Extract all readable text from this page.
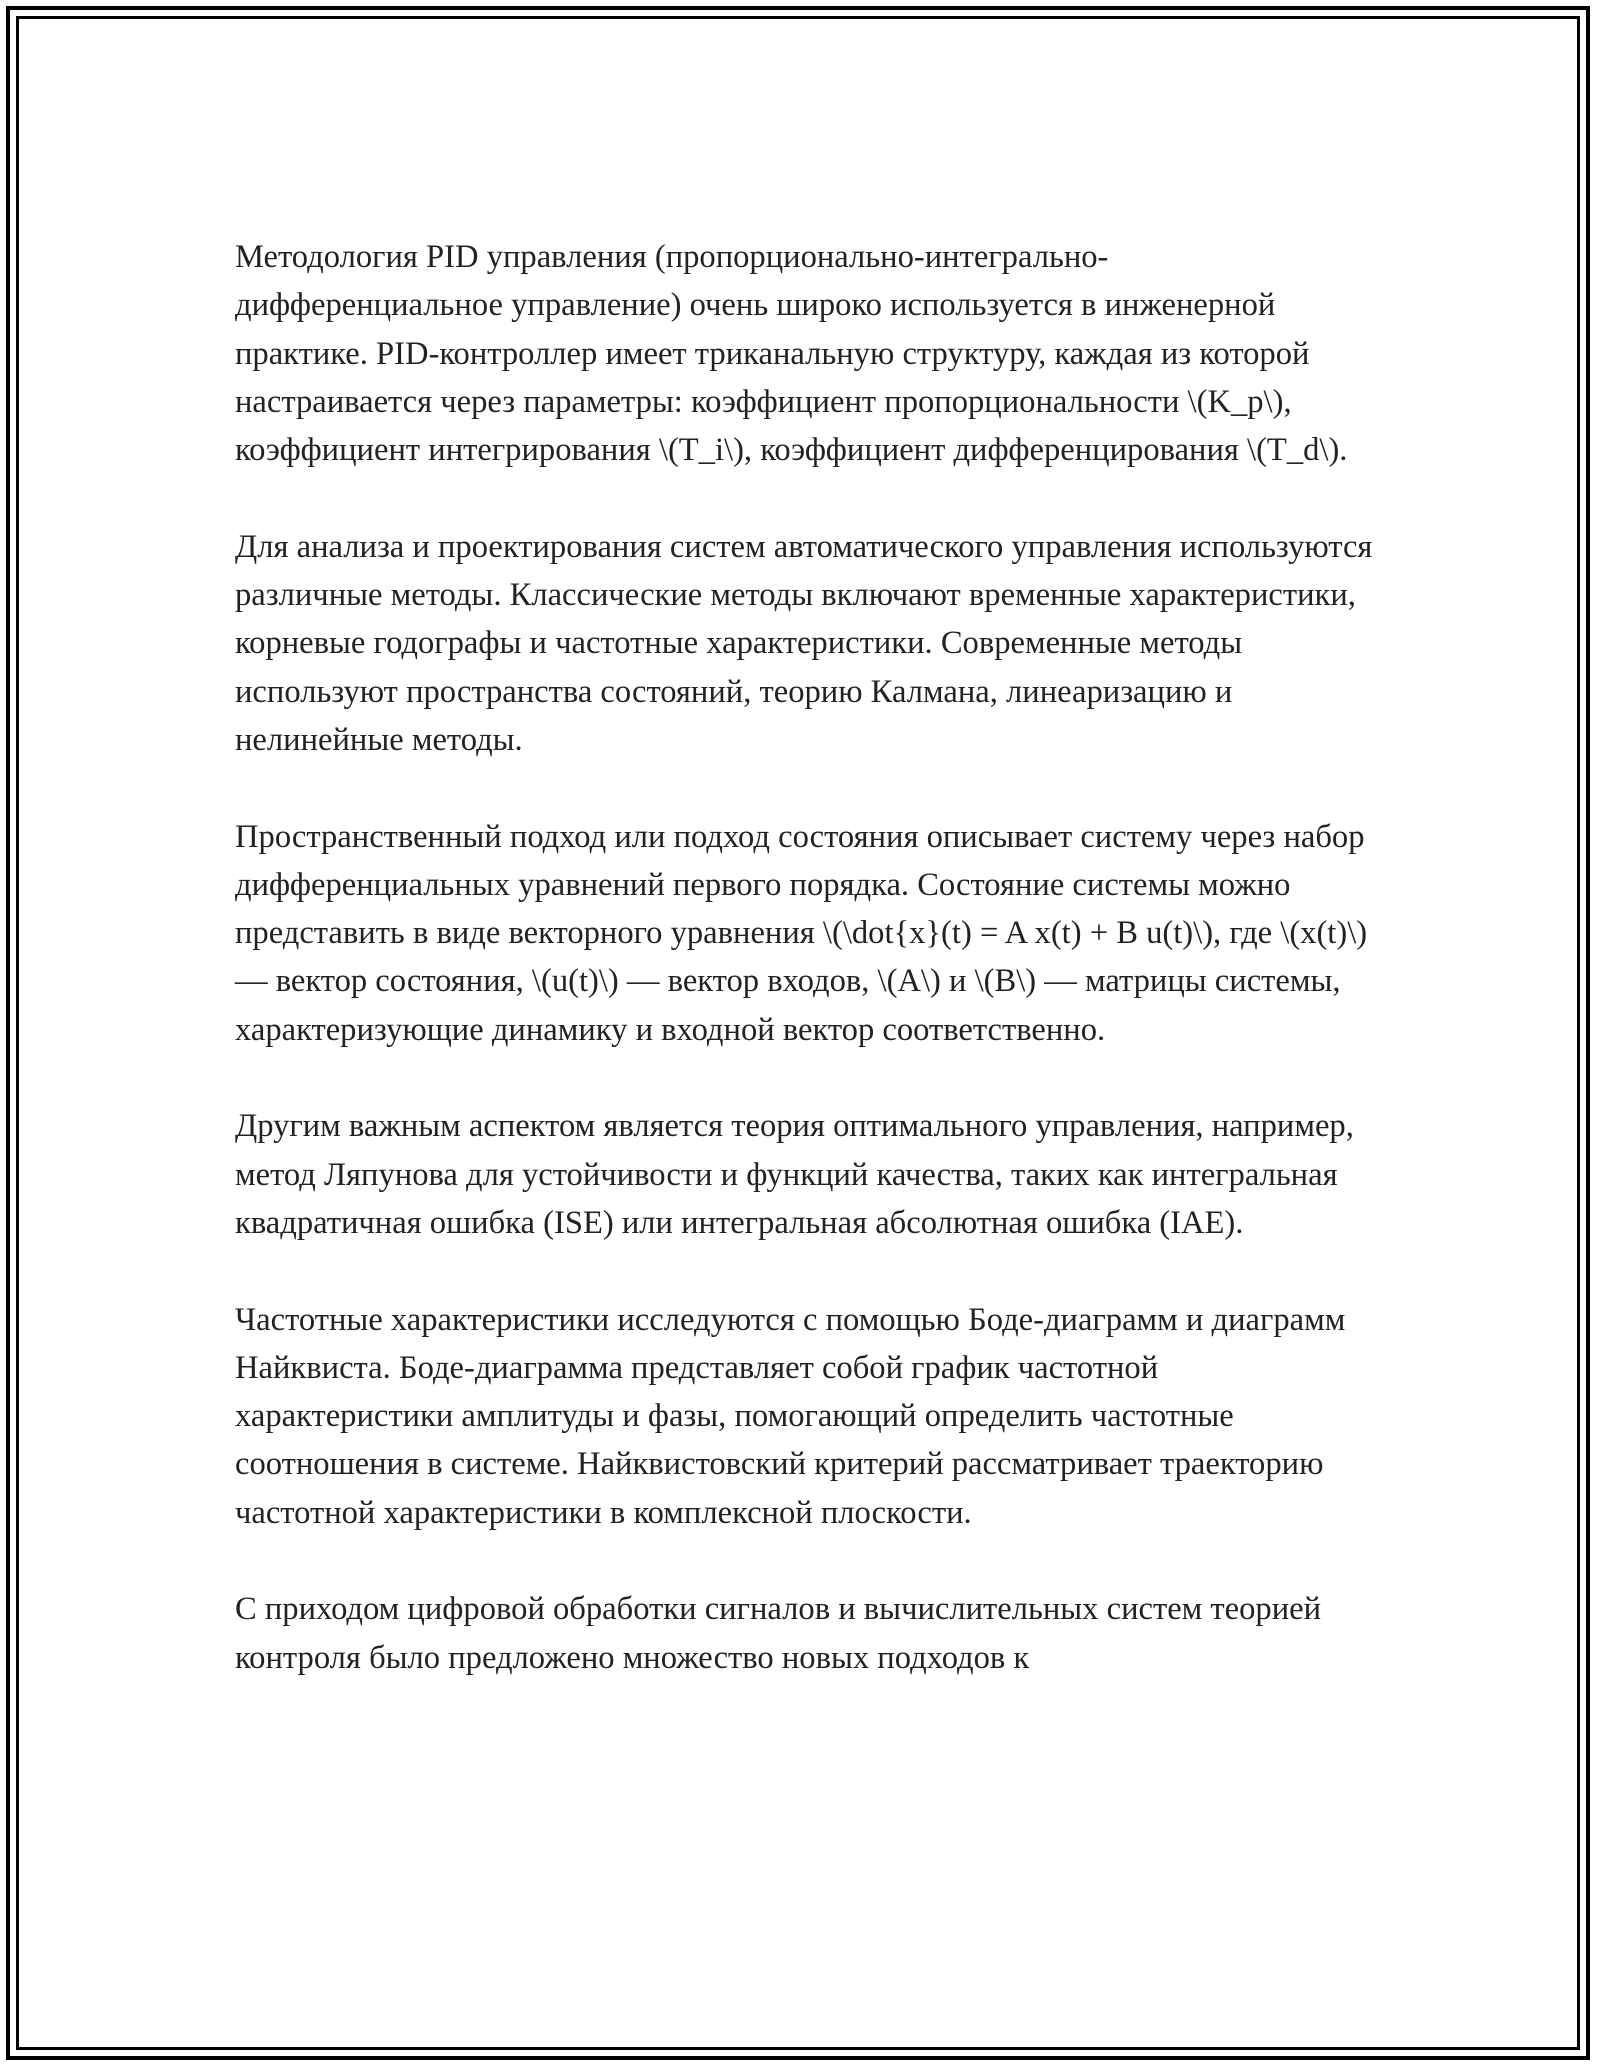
Методология PID управления (пропорционально-интегрально-дифференциальное управление) очень широко используется в инженерной практике. PID-контроллер имеет триканальную структуру, каждая из которой настраивается через параметры: коэффициент пропорциональности \(K_p\), коэффициент интегрирования \(T_i\), коэффициент дифференцирования \(T_d\).

Для анализа и проектирования систем автоматического управления используются различные методы. Классические методы включают временные характеристики, корневые годографы и частотные характеристики. Современные методы используют пространства состояний, теорию Калмана, линеаризацию и нелинейные методы.

Пространственный подход или подход состояния описывает систему через набор дифференциальных уравнений первого порядка. Состояние системы можно представить в виде векторного уравнения \(\dot{x}(t) = A x(t) + B u(t)\), где \(x(t)\) — вектор состояния, \(u(t)\) — вектор входов, \(A\) и \(B\) — матрицы системы, характеризующие динамику и входной вектор соответственно.

Другим важным аспектом является теория оптимального управления, например, метод Ляпунова для устойчивости и функций качества, таких как интегральная квадратичная ошибка (ISE) или интегральная абсолютная ошибка (IAE).

Частотные характеристики исследуются с помощью Боде-диаграмм и диаграмм Найквиста. Боде-диаграмма представляет собой график частотной характеристики амплитуды и фазы, помогающий определить частотные соотношения в системе. Найквистовский критерий рассматривает траекторию частотной характеристики в комплексной плоскости.

С приходом цифровой обработки сигналов и вычислительных систем теорией контроля было предложено множество новых подходов к
